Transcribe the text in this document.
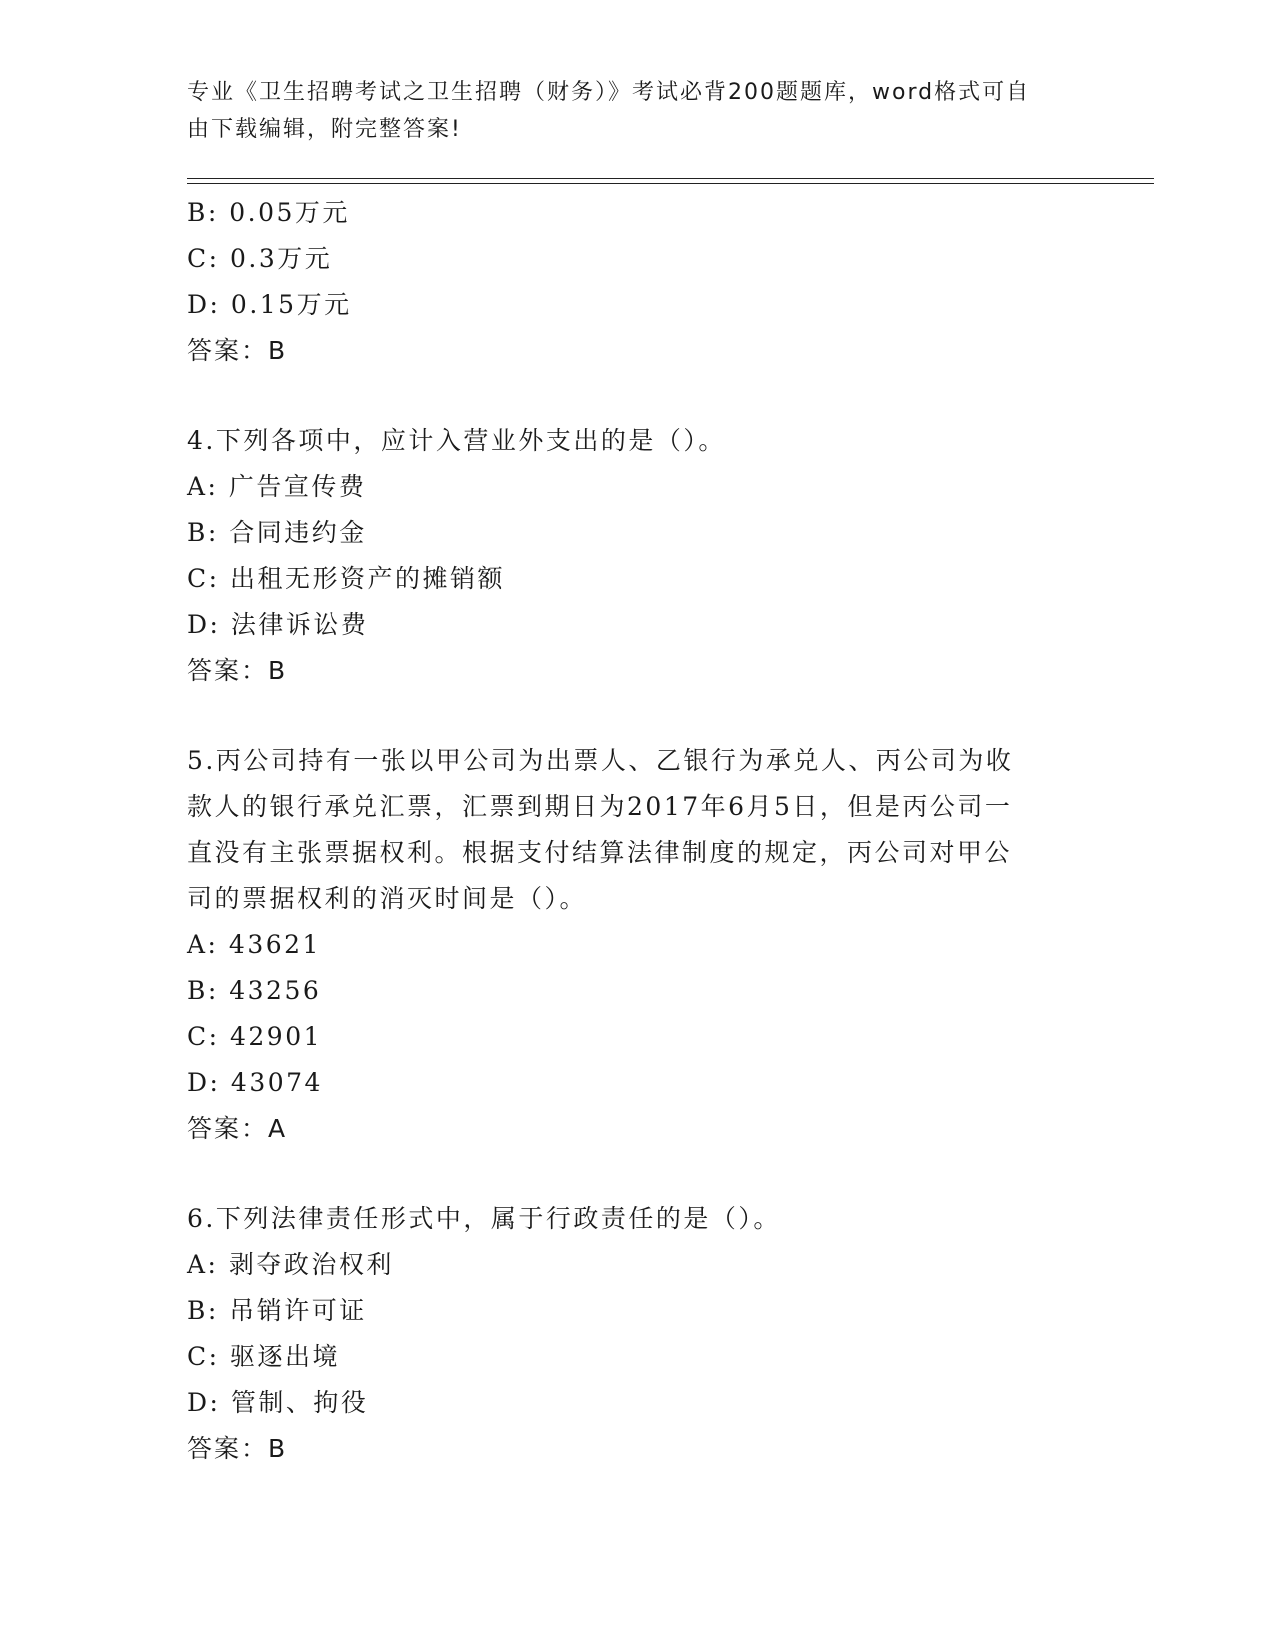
专业《卫生招聘考试之卫生招聘（财务）》考试必背200题题库，word格式可自
由下载编辑，附完整答案!
B: 0.05万元
C: 0.3万元
D: 0.15万元
答案：B
4.下列各项中，应计入营业外支出的是（）。
A: 广告宣传费
B: 合同违约金
C: 出租无形资产的摊销额
D: 法律诉讼费
答案：B
5.丙公司持有一张以甲公司为出票人、乙银行为承兑人、丙公司为收
款人的银行承兑汇票，汇票到期日为2017年6月5日，但是丙公司一
直没有主张票据权利。根据支付结算法律制度的规定，丙公司对甲公
司的票据权利的消灭时间是（）。
A: 43621
B: 43256
C: 42901
D: 43074
答案：A
6.下列法律责任形式中，属于行政责任的是（）。
A: 剥夺政治权利
B: 吊销许可证
C: 驱逐出境
D: 管制、拘役
答案：B
